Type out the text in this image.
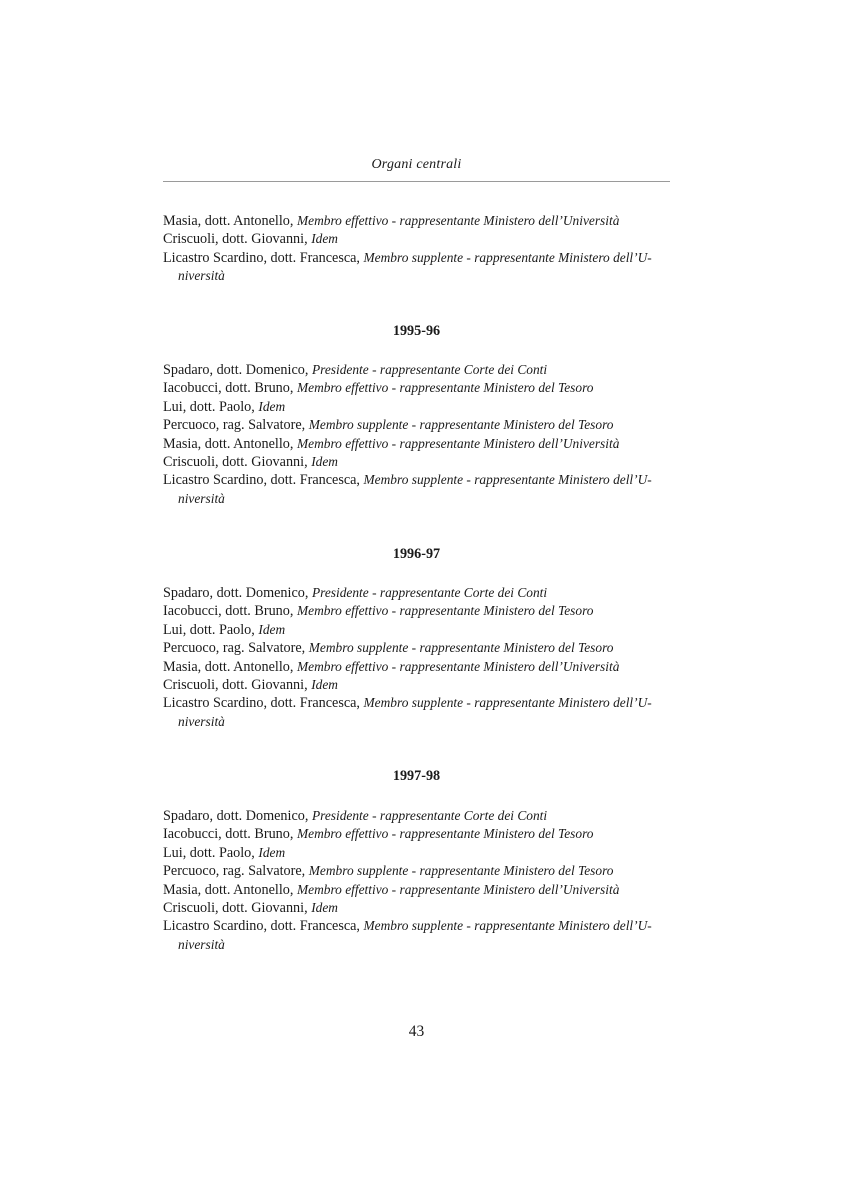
Organi centrali
Masia, dott. Antonello, Membro effettivo - rappresentante Ministero dell’Università
Criscuoli, dott. Giovanni, Idem
Licastro Scardino, dott. Francesca, Membro supplente - rappresentante Ministero dell’U-
niversità
1995-96
Spadaro, dott. Domenico, Presidente - rappresentante Corte dei Conti
Iacobucci, dott. Bruno, Membro effettivo - rappresentante Ministero del Tesoro
Lui, dott. Paolo, Idem
Percuoco, rag. Salvatore, Membro supplente - rappresentante Ministero del Tesoro
Masia, dott. Antonello, Membro effettivo - rappresentante Ministero dell’Università
Criscuoli, dott. Giovanni, Idem
Licastro Scardino, dott. Francesca, Membro supplente - rappresentante Ministero dell’U-
niversità
1996-97
Spadaro, dott. Domenico, Presidente - rappresentante Corte dei Conti
Iacobucci, dott. Bruno, Membro effettivo - rappresentante Ministero del Tesoro
Lui, dott. Paolo, Idem
Percuoco, rag. Salvatore, Membro supplente - rappresentante Ministero del Tesoro
Masia, dott. Antonello, Membro effettivo - rappresentante Ministero dell’Università
Criscuoli, dott. Giovanni, Idem
Licastro Scardino, dott. Francesca, Membro supplente - rappresentante Ministero dell’U-
niversità
1997-98
Spadaro, dott. Domenico, Presidente - rappresentante Corte dei Conti
Iacobucci, dott. Bruno, Membro effettivo - rappresentante Ministero del Tesoro
Lui, dott. Paolo, Idem
Percuoco, rag. Salvatore, Membro supplente - rappresentante Ministero del Tesoro
Masia, dott. Antonello, Membro effettivo - rappresentante Ministero dell’Università
Criscuoli, dott. Giovanni, Idem
Licastro Scardino, dott. Francesca, Membro supplente - rappresentante Ministero dell’U-
niversità
43
